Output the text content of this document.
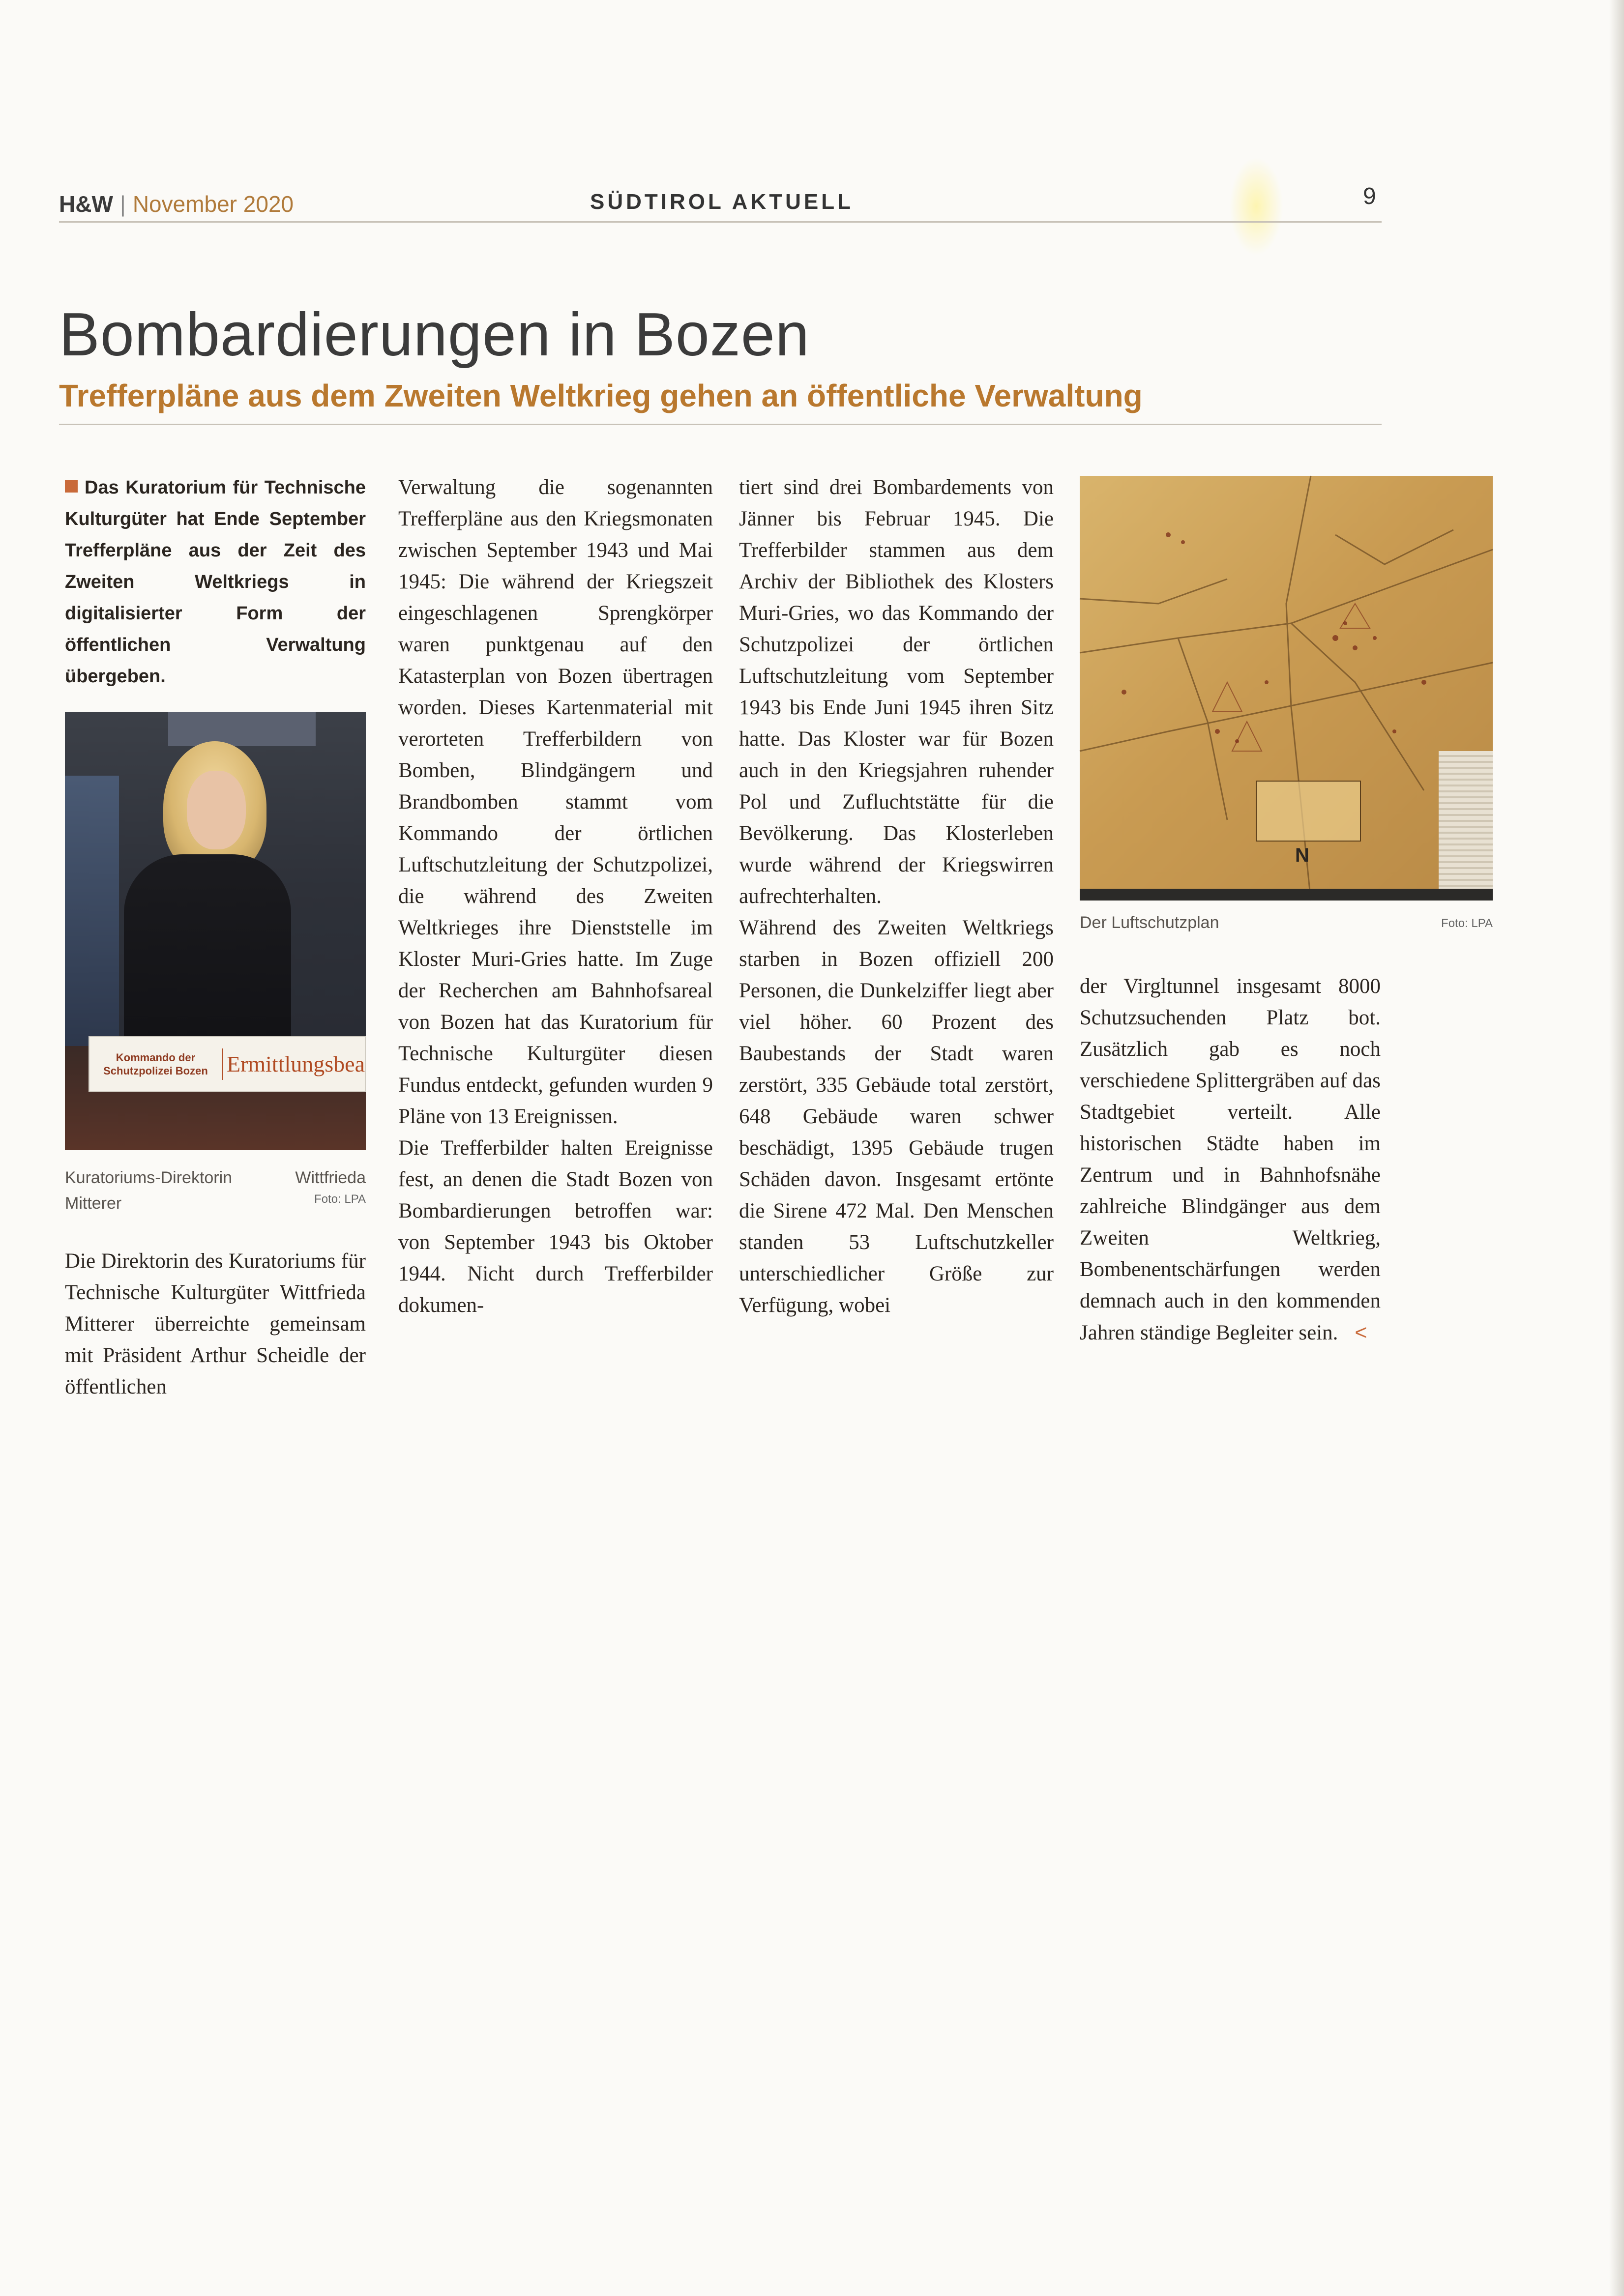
H&W | November 2020	SÜDTIROL AKTUELL	9
Bombardierungen in Bozen
Trefferpläne aus dem Zweiten Weltkrieg gehen an öffentliche Verwaltung

Das Kuratorium für Technische Kulturgüter hat Ende September Trefferpläne aus der Zeit des Zweiten Weltkriegs in digitalisierter Form der öffentlichen Verwaltung übergeben.

Kommando der Schutzpolizei Bozen Ermittlungsbea
Kuratoriums-Direktorin Wittfrieda Mitterer	Foto: LPA

Die Direktorin des Kuratoriums für Technische Kulturgüter Wittfrieda Mitterer überreichte gemeinsam mit Präsident Arthur Scheidle der öffentlichen

Verwaltung die sogenannten Trefferpläne aus den Kriegsmonaten zwischen September 1943 und Mai 1945: Die während der Kriegszeit eingeschlagenen Sprengkörper waren punktgenau auf den Katasterplan von Bozen übertragen worden. Dieses Kartenmaterial mit verorteten Trefferbildern von Bomben, Blindgängern und Brandbomben stammt vom Kommando der örtlichen Luftschutzleitung der Schutzpolizei, die während des Zweiten Weltkrieges ihre Dienststelle im Kloster Muri-Gries hatte. Im Zuge der Recherchen am Bahnhofsareal von Bozen hat das Kuratorium für Technische Kulturgüter diesen Fundus entdeckt, gefunden wurden 9 Pläne von 13 Ereignissen.

Die Trefferbilder halten Ereignisse fest, an denen die Stadt Bozen von Bombardierungen betroffen war: von September 1943 bis Oktober 1944. Nicht durch Trefferbilder dokumen-

tiert sind drei Bombardements von Jänner bis Februar 1945. Die Trefferbilder stammen aus dem Archiv der Bibliothek des Klosters Muri-Gries, wo das Kommando der Schutzpolizei der örtlichen Luftschutzleitung vom September 1943 bis Ende Juni 1945 ihren Sitz hatte. Das Kloster war für Bozen auch in den Kriegsjahren ruhender Pol und Zufluchtstätte für die Bevölkerung. Das Klosterleben wurde während der Kriegswirren aufrechterhalten.

Während des Zweiten Weltkriegs starben in Bozen offiziell 200 Personen, die Dunkelziffer liegt aber viel höher. 60 Prozent des Baubestands der Stadt waren zerstört, 335 Gebäude total zerstört, 648 Gebäude waren schwer beschädigt, 1395 Gebäude trugen Schäden davon. Insgesamt ertönte die Sirene 472 Mal. Den Menschen standen 53 Luftschutzkeller unterschiedlicher Größe zur Verfügung, wobei

N
Der Luftschutzplan	Foto: LPA

der Virgltunnel insgesamt 8000 Schutzsuchenden Platz bot. Zusätzlich gab es noch verschiedene Splittergräben auf das Stadtgebiet verteilt. Alle historischen Städte haben im Zentrum und in Bahnhofsnähe zahlreiche Blindgänger aus dem Zweiten Weltkrieg, Bombenentschärfungen werden demnach auch in den kommenden Jahren ständige Begleiter sein. <
